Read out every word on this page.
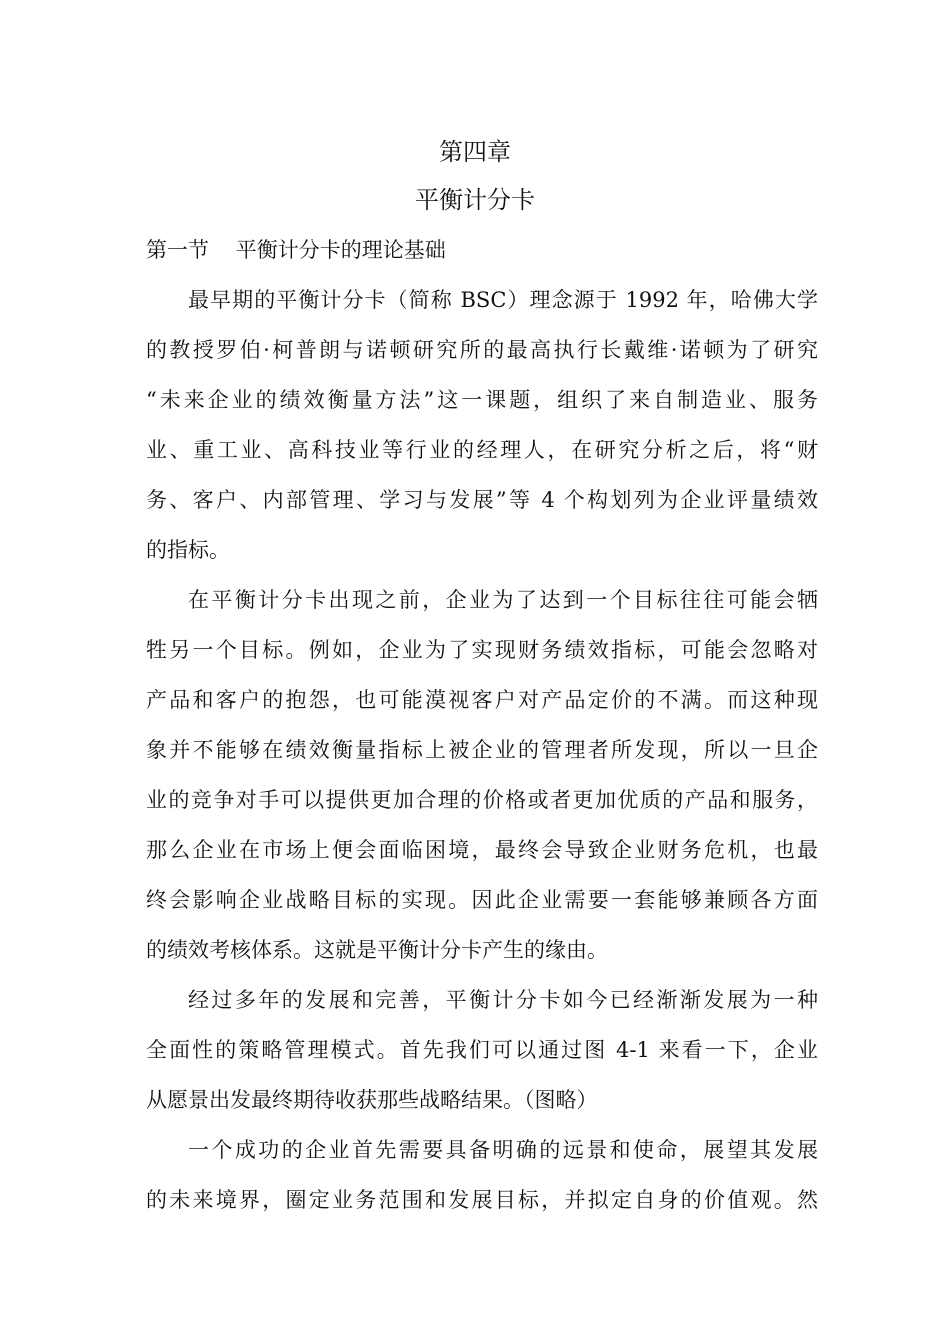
第四章
平衡计分卡
第一节    平衡计分卡的理论基础
最早期的平衡计分卡（简称 BSC）理念源于 1992 年，哈佛大学
的教授罗伯·柯普朗与诺顿研究所的最高执行长戴维·诺顿为了研究
“未来企业的绩效衡量方法”这一课题，组织了来自制造业、服务
业、重工业、高科技业等行业的经理人，在研究分析之后，将“财
务、客户、内部管理、学习与发展”等 4 个构划列为企业评量绩效
的指标。
在平衡计分卡出现之前，企业为了达到一个目标往往可能会牺
牲另一个目标。例如，企业为了实现财务绩效指标，可能会忽略对
产品和客户的抱怨，也可能漠视客户对产品定价的不满。而这种现
象并不能够在绩效衡量指标上被企业的管理者所发现，所以一旦企
业的竞争对手可以提供更加合理的价格或者更加优质的产品和服务，
那么企业在市场上便会面临困境，最终会导致企业财务危机，也最
终会影响企业战略目标的实现。因此企业需要一套能够兼顾各方面
的绩效考核体系。这就是平衡计分卡产生的缘由。
经过多年的发展和完善，平衡计分卡如今已经渐渐发展为一种
全面性的策略管理模式。首先我们可以通过图 4-1 来看一下，企业
从愿景出发最终期待收获那些战略结果。（图略）
一个成功的企业首先需要具备明确的远景和使命，展望其发展
的未来境界，圈定业务范围和发展目标，并拟定自身的价值观。然
